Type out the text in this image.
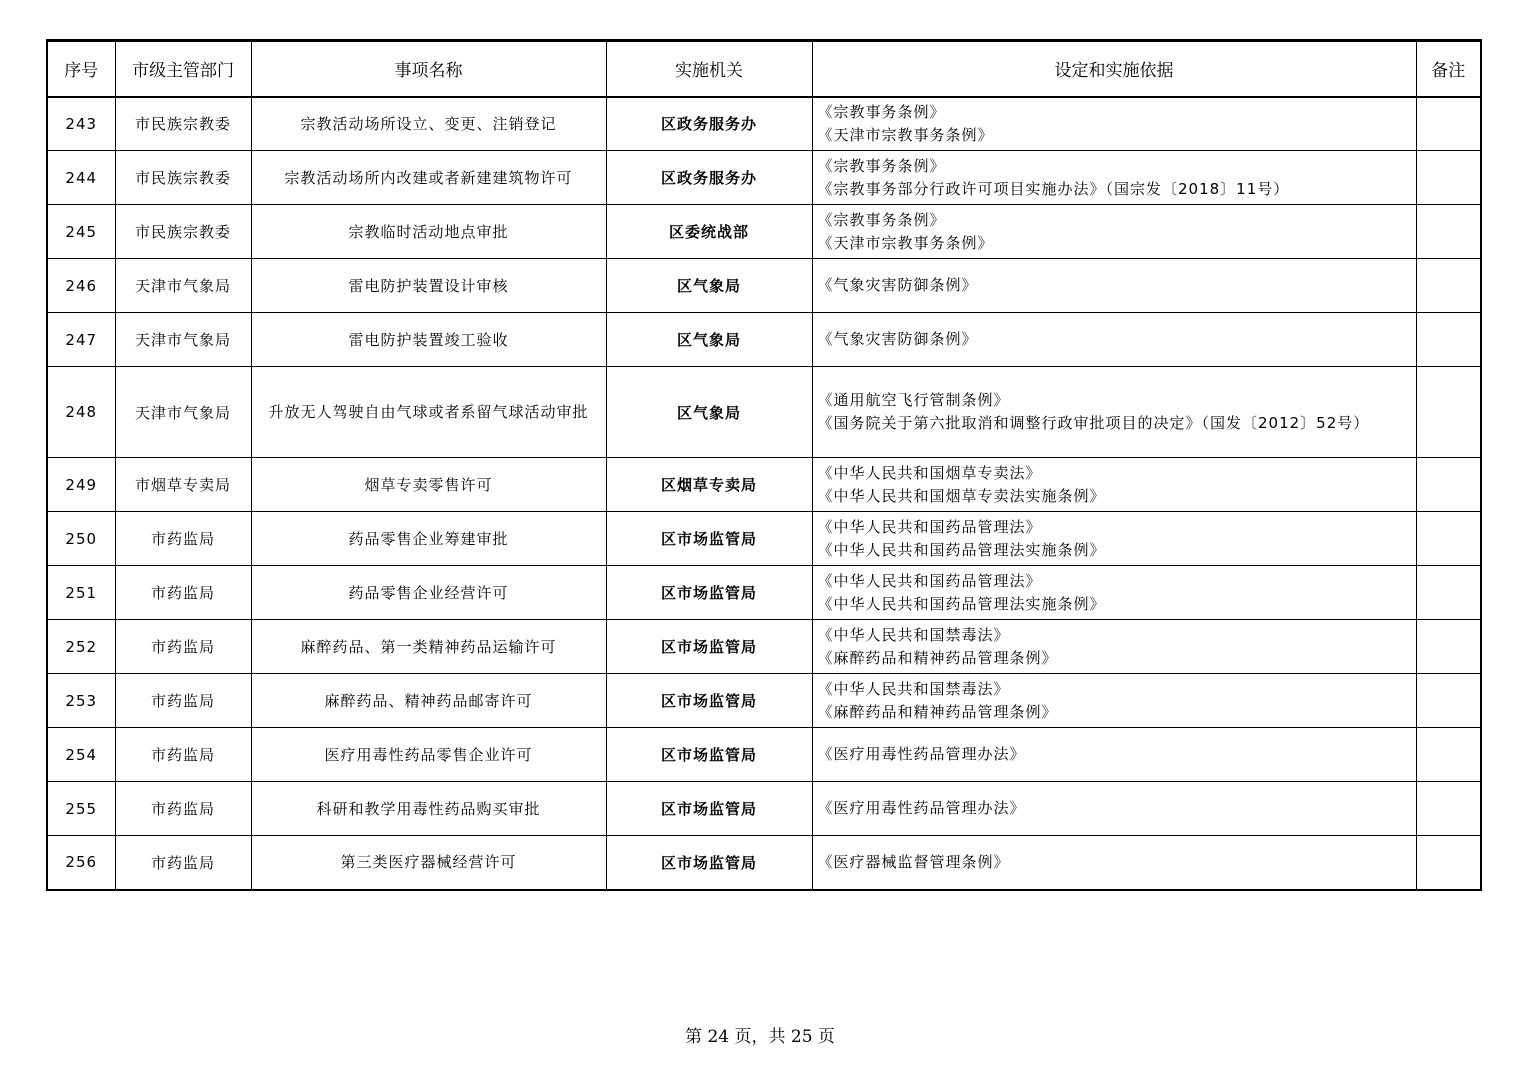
序号	市级主管部门	事项名称	实施机关	设定和实施依据	备注
243	市民族宗教委	宗教活动场所设立、变更、注销登记	区政务服务办	《宗教事务条例》
《天津市宗教事务条例》	

244	市民族宗教委	宗教活动场所内改建或者新建建筑物许可	区政务服务办	《宗教事务条例》
《宗教事务部分行政许可项目实施办法》（国宗发〔2018〕11号）	

245	市民族宗教委	宗教临时活动地点审批	区委统战部	《宗教事务条例》
《天津市宗教事务条例》	

246	天津市气象局	雷电防护装置设计审核	区气象局	《气象灾害防御条例》	

247	天津市气象局	雷电防护装置竣工验收	区气象局	《气象灾害防御条例》	

248	天津市气象局	升放无人驾驶自由气球或者系留气球活动审批	区气象局	《通用航空飞行管制条例》
《国务院关于第六批取消和调整行政审批项目的决定》（国发〔2012〕52号）	

249	市烟草专卖局	烟草专卖零售许可	区烟草专卖局	《中华人民共和国烟草专卖法》
《中华人民共和国烟草专卖法实施条例》	

250	市药监局	药品零售企业筹建审批	区市场监管局	《中华人民共和国药品管理法》
《中华人民共和国药品管理法实施条例》	

251	市药监局	药品零售企业经营许可	区市场监管局	《中华人民共和国药品管理法》
《中华人民共和国药品管理法实施条例》	

252	市药监局	麻醉药品、第一类精神药品运输许可	区市场监管局	《中华人民共和国禁毒法》
《麻醉药品和精神药品管理条例》	

253	市药监局	麻醉药品、精神药品邮寄许可	区市场监管局	《中华人民共和国禁毒法》
《麻醉药品和精神药品管理条例》	

254	市药监局	医疗用毒性药品零售企业许可	区市场监管局	《医疗用毒性药品管理办法》	

255	市药监局	科研和教学用毒性药品购买审批	区市场监管局	《医疗用毒性药品管理办法》	

256	市药监局	第三类医疗器械经营许可	区市场监管局	《医疗器械监督管理条例》	

第 24 页，共 25 页
